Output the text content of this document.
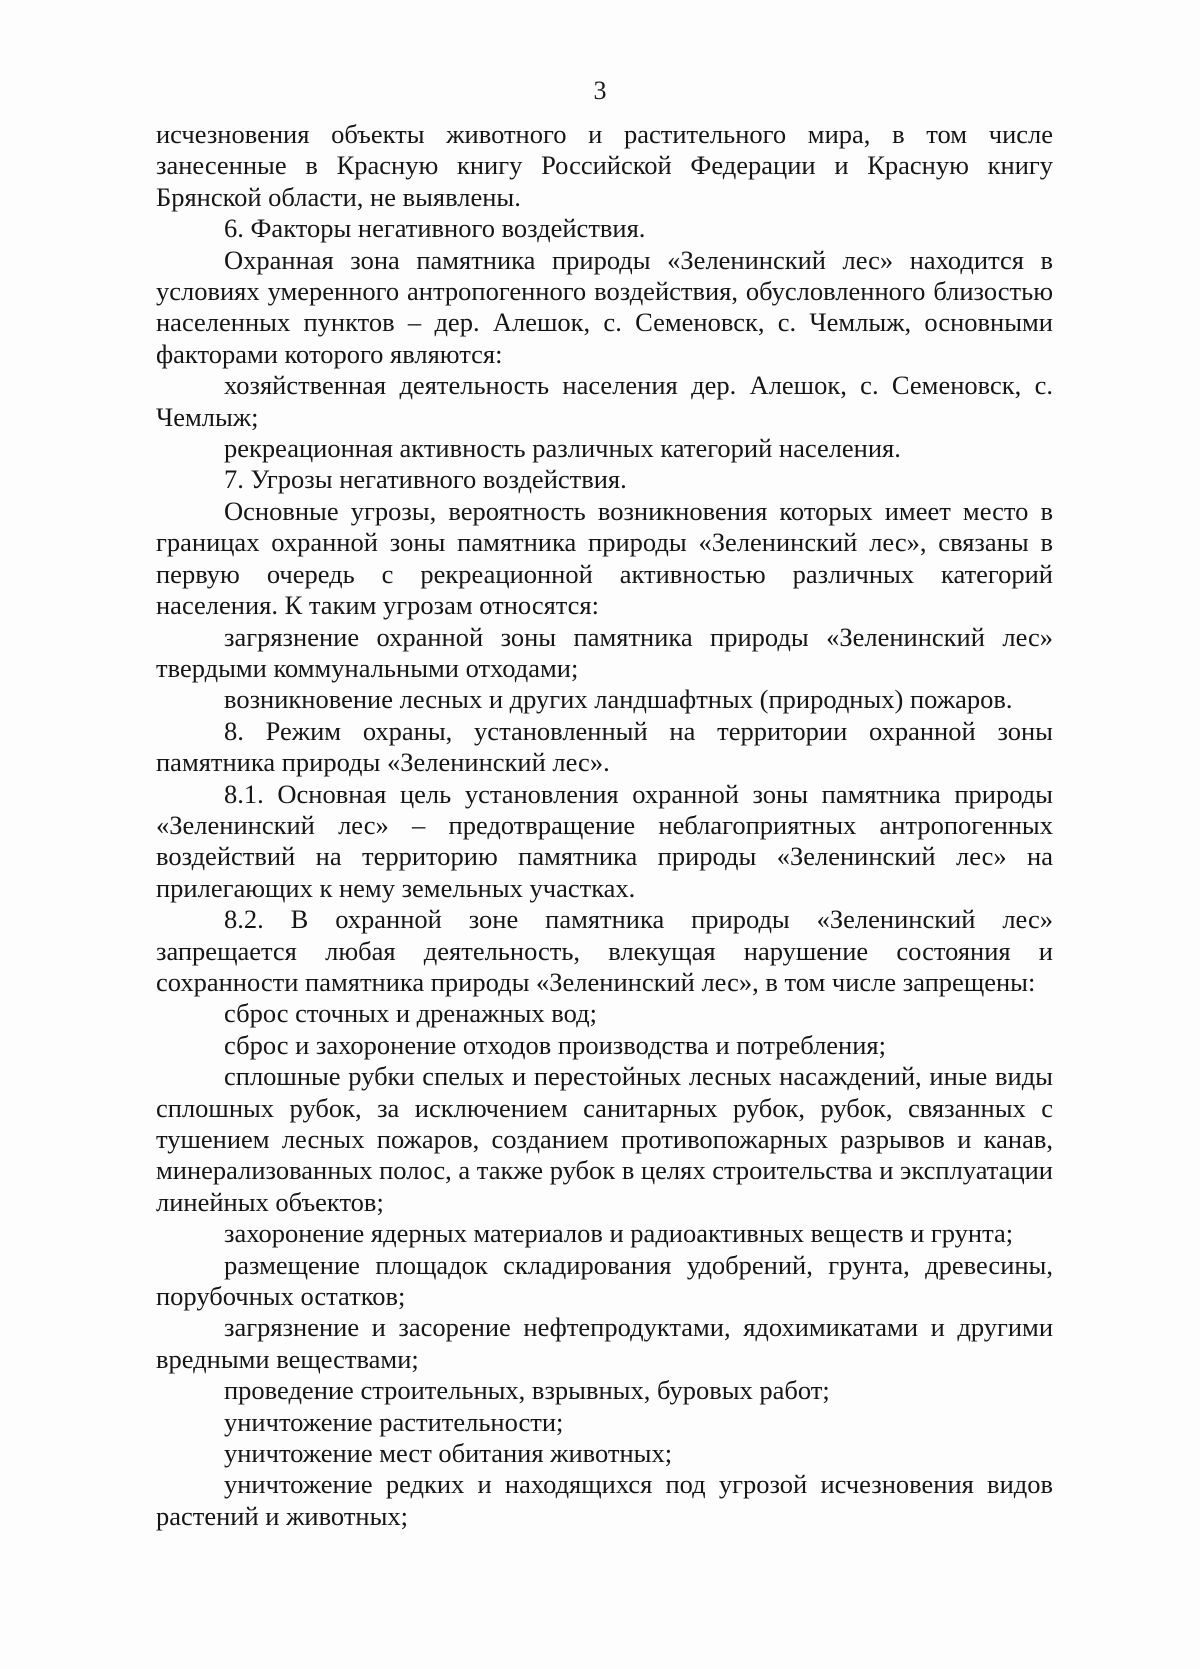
3

исчезновения объекты животного и растительного мира, в том числе занесенные в Красную книгу Российской Федерации и Красную книгу Брянской области, не выявлены.

6. Факторы негативного воздействия.

Охранная зона памятника природы «Зеленинский лес» находится в условиях умеренного антропогенного воздействия, обусловленного близостью населенных пунктов – дер. Алешок, с. Семеновск, с. Чемлыж, основными факторами которого являются:

хозяйственная деятельность населения дер. Алешок, с. Семеновск, с. Чемлыж;

рекреационная активность различных категорий населения.

7. Угрозы негативного воздействия.

Основные угрозы, вероятность возникновения которых имеет место в границах охранной зоны памятника природы «Зеленинский лес», связаны в первую очередь с рекреационной активностью различных категорий населения. К таким угрозам относятся:

загрязнение охранной зоны памятника природы «Зеленинский лес» твердыми коммунальными отходами;

возникновение лесных и других ландшафтных (природных) пожаров.

8. Режим охраны, установленный на территории охранной зоны памятника природы «Зеленинский лес».

8.1. Основная цель установления охранной зоны памятника природы «Зеленинский лес» – предотвращение неблагоприятных антропогенных воздействий на территорию памятника природы «Зеленинский лес» на прилегающих к нему земельных участках.

8.2. В охранной зоне памятника природы «Зеленинский лес» запрещается любая деятельность, влекущая нарушение состояния и сохранности памятника природы «Зеленинский лес», в том числе запрещены:

сброс сточных и дренажных вод;

сброс и захоронение отходов производства и потребления;

сплошные рубки спелых и перестойных лесных насаждений, иные виды сплошных рубок, за исключением санитарных рубок, рубок, связанных с тушением лесных пожаров, созданием противопожарных разрывов и канав, минерализованных полос, а также рубок в целях строительства и эксплуатации линейных объектов;

захоронение ядерных материалов и радиоактивных веществ и грунта;

размещение площадок складирования удобрений, грунта, древесины, порубочных остатков;

загрязнение и засорение нефтепродуктами, ядохимикатами и другими вредными веществами;

проведение строительных, взрывных, буровых работ;

уничтожение растительности;

уничтожение мест обитания животных;

уничтожение редких и находящихся под угрозой исчезновения видов растений и животных;
